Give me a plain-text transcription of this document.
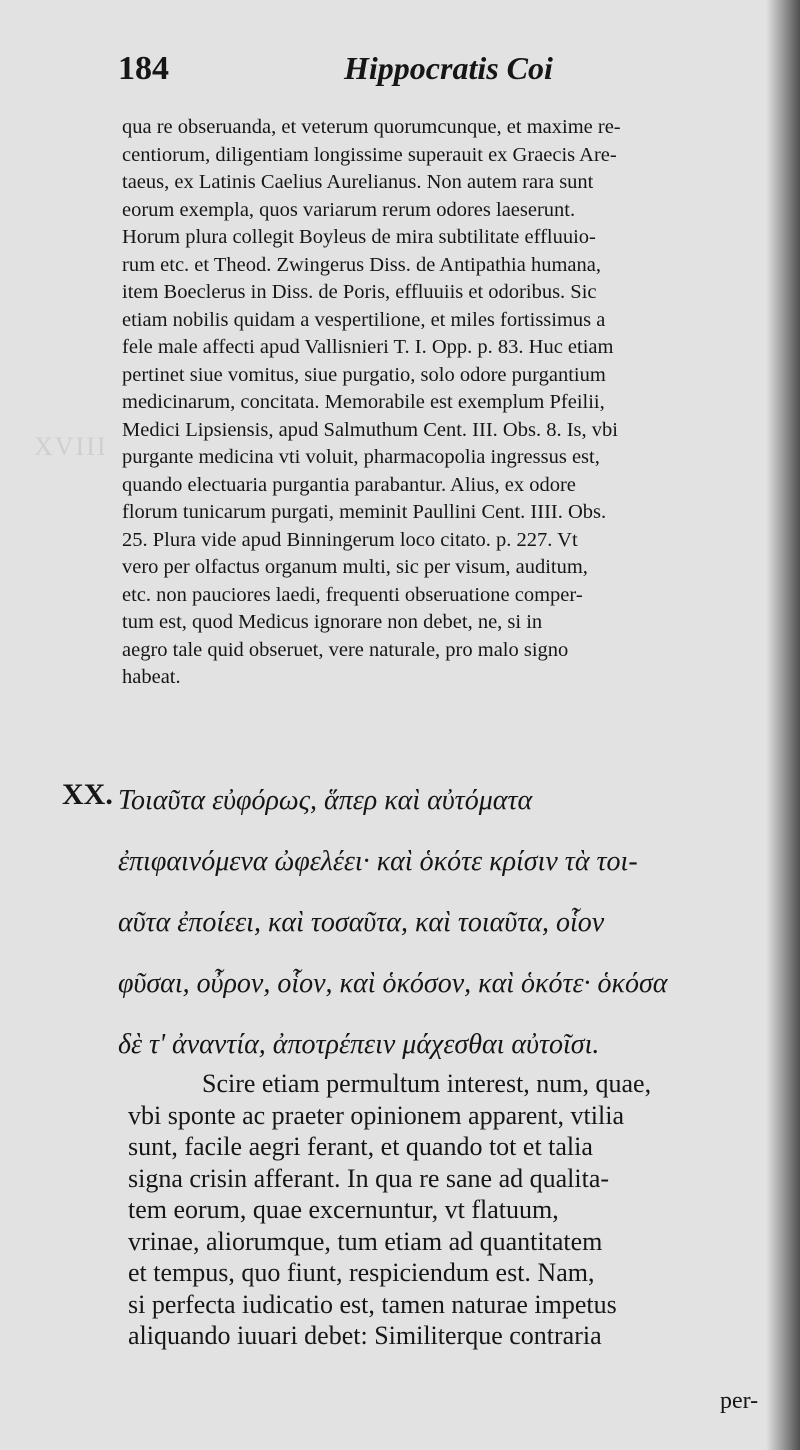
XVIII
184	Hippocratis Coi

qua re obseruanda, et veterum quorumcunque, et maxime re-
centiorum, diligentiam longissime superauit ex Graecis Are-
taeus, ex Latinis Caelius Aurelianus. Non autem rara sunt
eorum exempla, quos variarum rerum odores laeserunt.
Horum plura collegit Boyleus de mira subtilitate effluuio-
rum etc. et Theod. Zwingerus Diss. de Antipathia humana,
item Boeclerus in Diss. de Poris, effluuiis et odoribus. Sic
etiam nobilis quidam a vespertilione, et miles fortissimus a
fele male affecti apud Vallisnieri T. I. Opp. p. 83. Huc etiam
pertinet siue vomitus, siue purgatio, solo odore purgantium
medicinarum, concitata. Memorabile est exemplum Pfeilii,
Medici Lipsiensis, apud Salmuthum Cent. III. Obs. 8. Is, vbi
purgante medicina vti voluit, pharmacopolia ingressus est,
quando electuaria purgantia parabantur. Alius, ex odore
florum tunicarum purgati, meminit Paullini Cent. IIII. Obs.
25. Plura vide apud Binningerum loco citato. p. 227. Vt
vero per olfactus organum multi, sic per visum, auditum,
etc. non pauciores laedi, frequenti obseruatione comper-
tum est, quod Medicus ignorare non debet, ne, si in
aegro tale quid obseruet, vere naturale, pro malo signo
habeat.

XX. Τοιαῦτα εὐφόρως, ἅπερ καὶ αὐτόματα
ἐπιφαινόμενα ὠφελέει· καὶ ὁκότε κρίσιν τὰ τοι-
αῦτα ἐποίεει, καὶ τοσαῦτα, καὶ τοιαῦτα, οἷον
φῦσαι, οὖρον, οἷον, καὶ ὁκόσον, καὶ ὁκότε· ὁκόσα
δὲ τ' ἀναντία, ἀποτρέπειν μάχεσθαι αὐτοῖσι.

Scire etiam permultum interest, num, quae,
vbi sponte ac praeter opinionem apparent, vtilia
sunt, facile aegri ferant, et quando tot et talia
signa crisin afferant. In qua re sane ad qualita-
tem eorum, quae excernuntur, vt flatuum,
vrinae, aliorumque, tum etiam ad quantitatem
et tempus, quo fiunt, respiciendum est. Nam,
si perfecta iudicatio est, tamen naturae impetus
aliquando iuuari debet: Similiterque contraria

per-
